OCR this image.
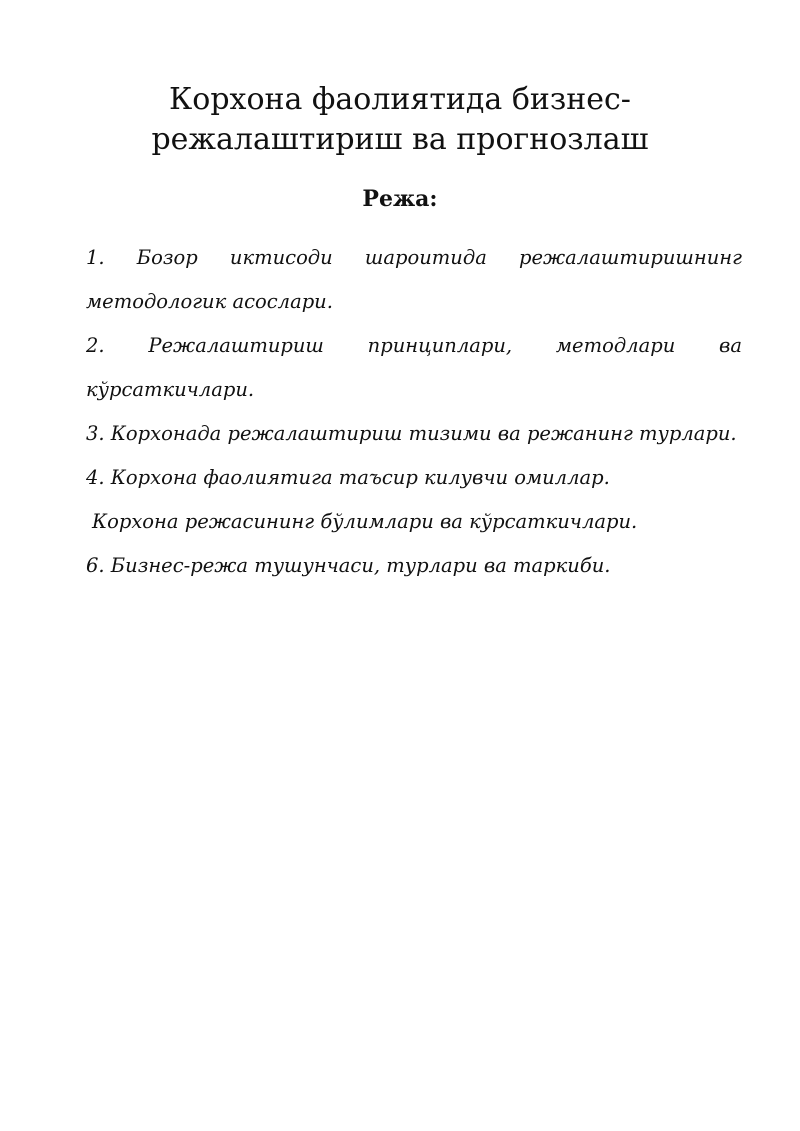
Корхона фаолиятида бизнес-
режалаштириш ва прогнозлаш
Режа:
1. Бозор иктисоди шароитида режалаштиришнинг методологик асослари.
2. Режалаштириш принциплари, методлари ва кўрсаткичлари.
3. Корхонада режалаштириш тизими ва режанинг турлари.
4. Корхона фаолиятига таъсир килувчи омиллар.
Корхона режасининг бўлимлари ва кўрсаткичлари.
6. Бизнес-режа тушунчаси, турлари ва таркиби.
